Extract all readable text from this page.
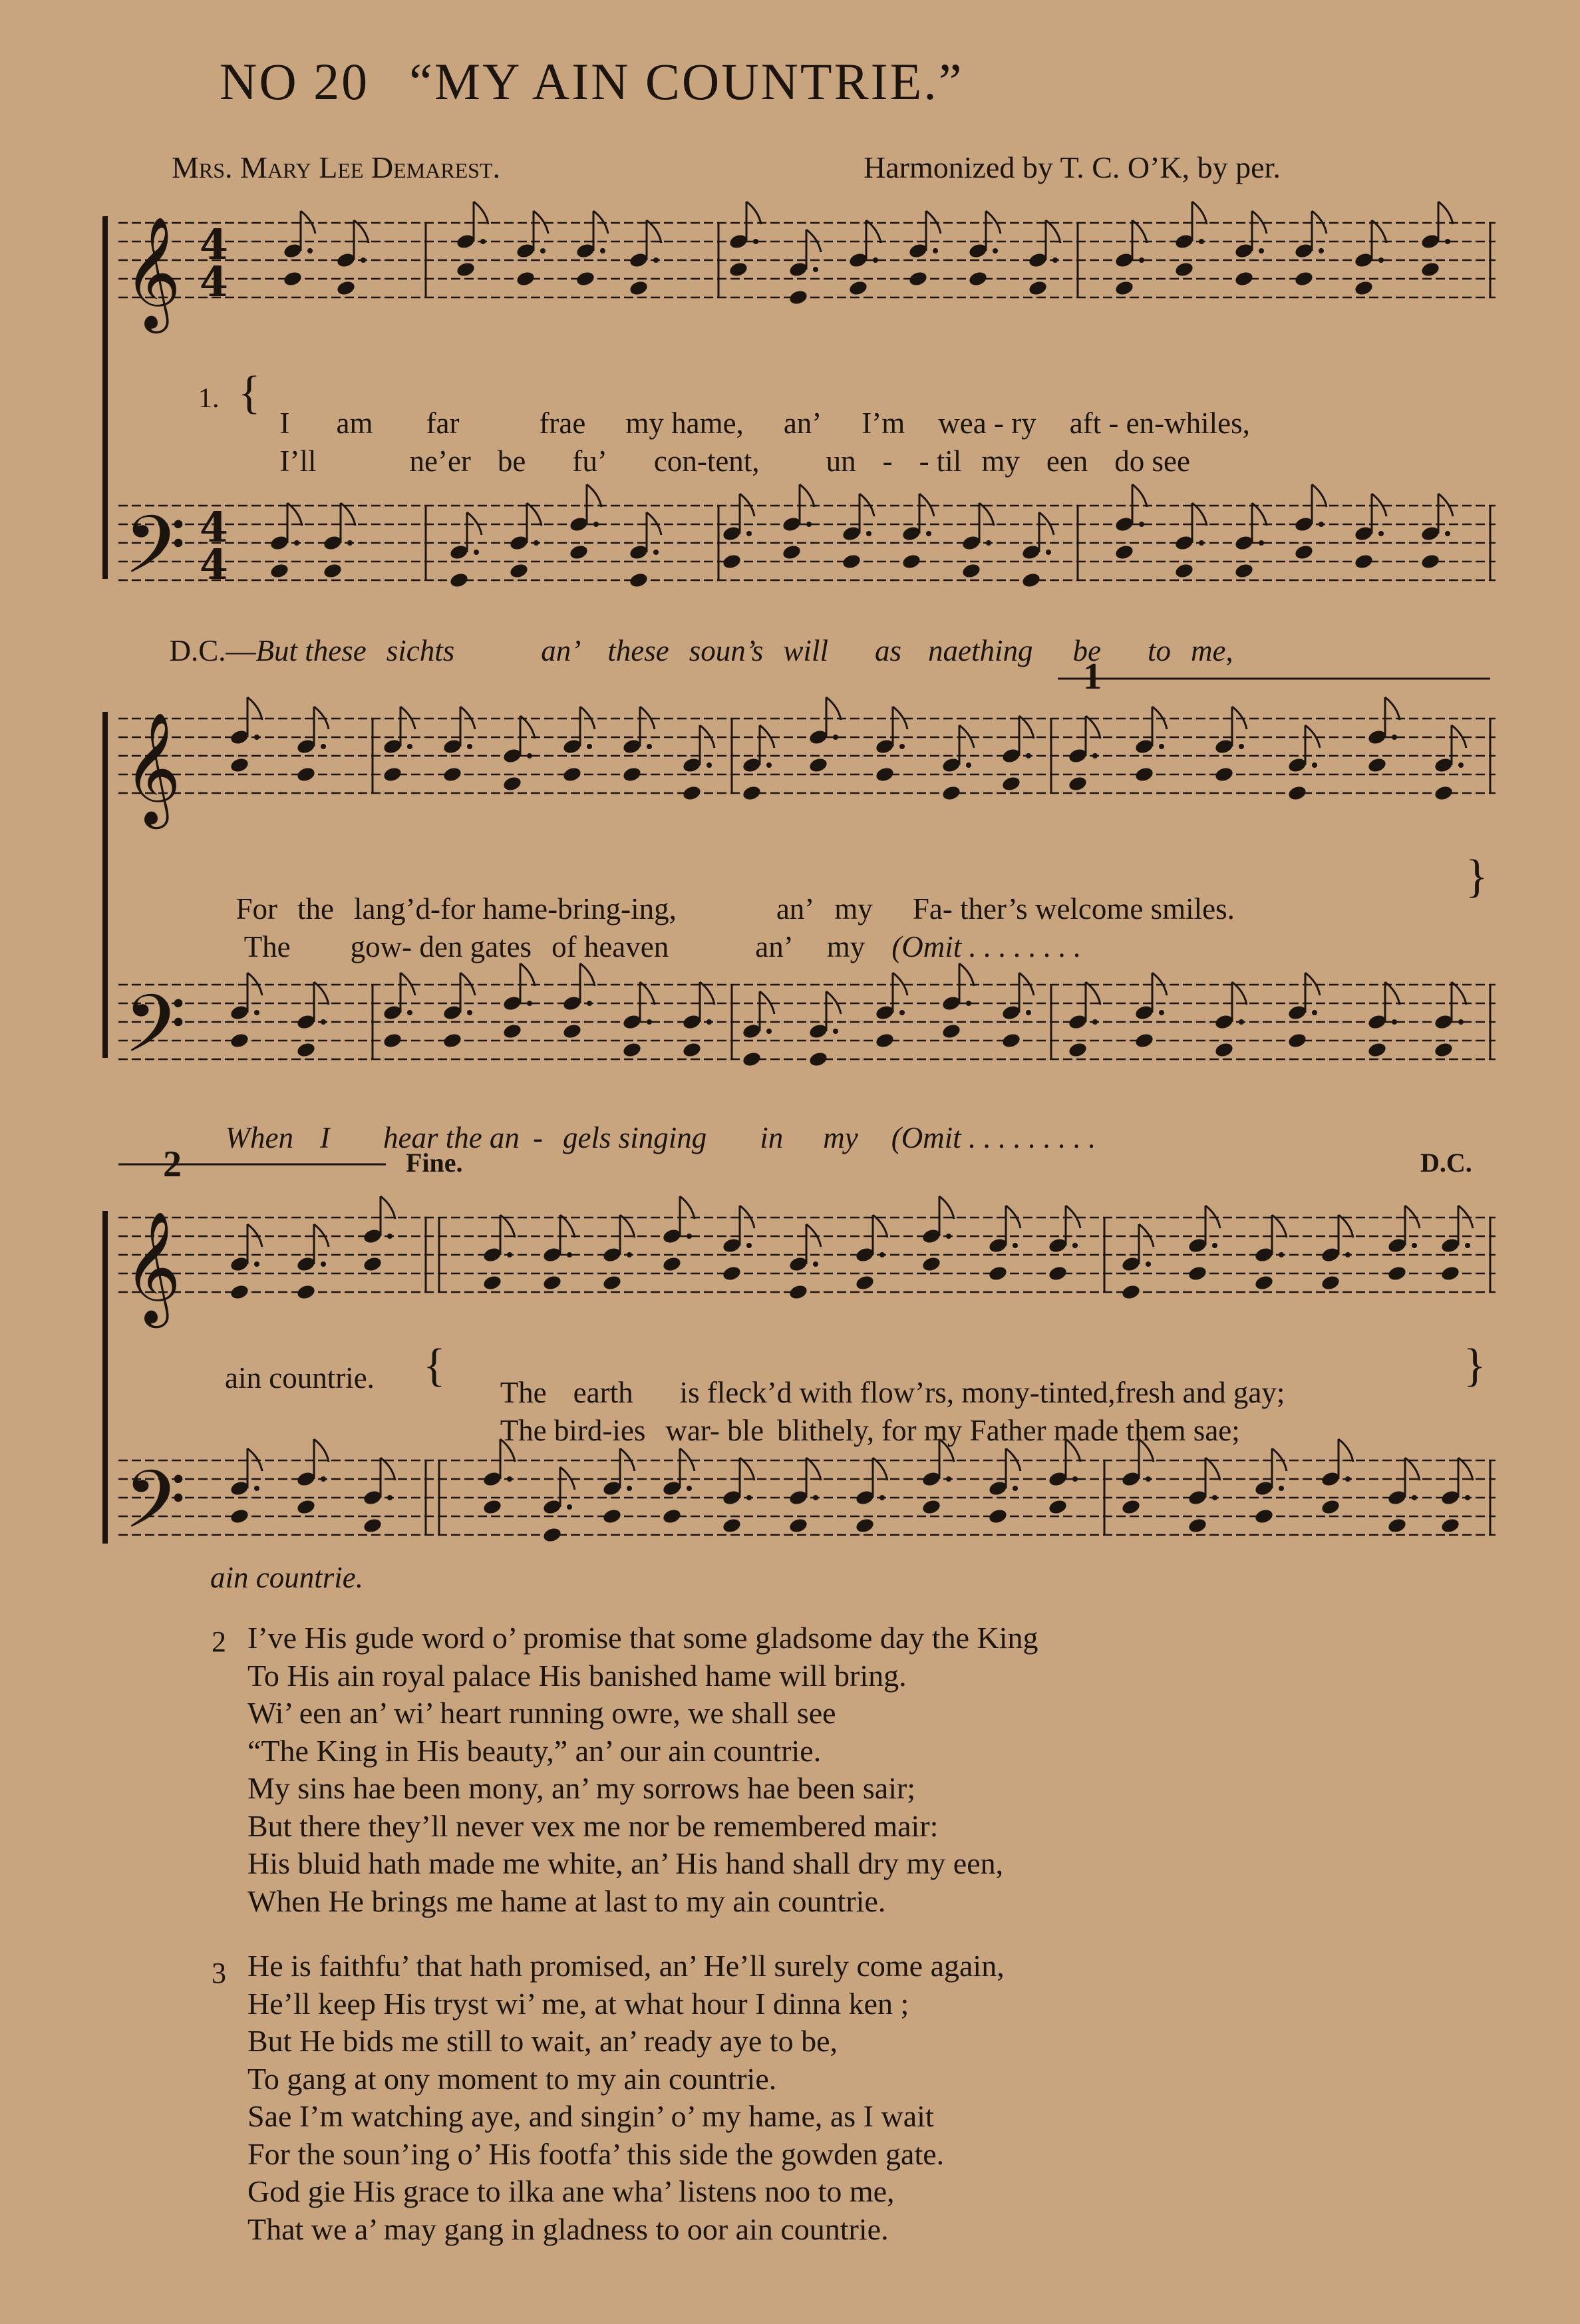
𝄞
𝄢
4
4
4
4
𝄞
𝄢
𝄞
𝄢
NO 20 “MY AIN COUNTRIE.”
Mrs. Mary Lee Demarest.	Harmonized by T. C. O’K, by per.
1. {

I am far	frae my hame, an’ I’m wea - ry aft - en-whiles,

I’ll	ne’er be fu’ con-tent, un - - til my een do see

D.C.—But these sichts	an’ these soun’s will as naething be to me,

1

For the lang’d-for hame-bring-ing,	an’ my Fa- ther’s welcome smiles.

The gow- den gates of heaven	an’ my (Omit . . . . . . . .

}

When I hear the an - gels singing in my (Omit . . . . . . . . .

2	Fine.	D.C.
ain countrie. {

The earth is fleck’d with flow’rs, mony-tinted,fresh and gay;

The bird-ies war- ble blithely, for my Father made them sae;

}
ain countrie.
2 I’ve His gude word o’ promise that some gladsome day the King
To His ain royal palace His banished hame will bring.
Wi’ een an’ wi’ heart running owre, we shall see
“The King in His beauty,” an’ our ain countrie.
My sins hae been mony, an’ my sorrows hae been sair;
But there they’ll never vex me nor be remembered mair:
His bluid hath made me white, an’ His hand shall dry my een,
When He brings me hame at last to my ain countrie.
3 He is faithfu’ that hath promised, an’ He’ll surely come again,
He’ll keep His tryst wi’ me, at what hour I dinna ken ;
But He bids me still to wait, an’ ready aye to be,
To gang at ony moment to my ain countrie.
Sae I’m watching aye, and singin’ o’ my hame, as I wait
For the soun’ing o’ His footfa’ this side the gowden gate.
God gie His grace to ilka ane wha’ listens noo to me,
That we a’ may gang in gladness to oor ain countrie.
